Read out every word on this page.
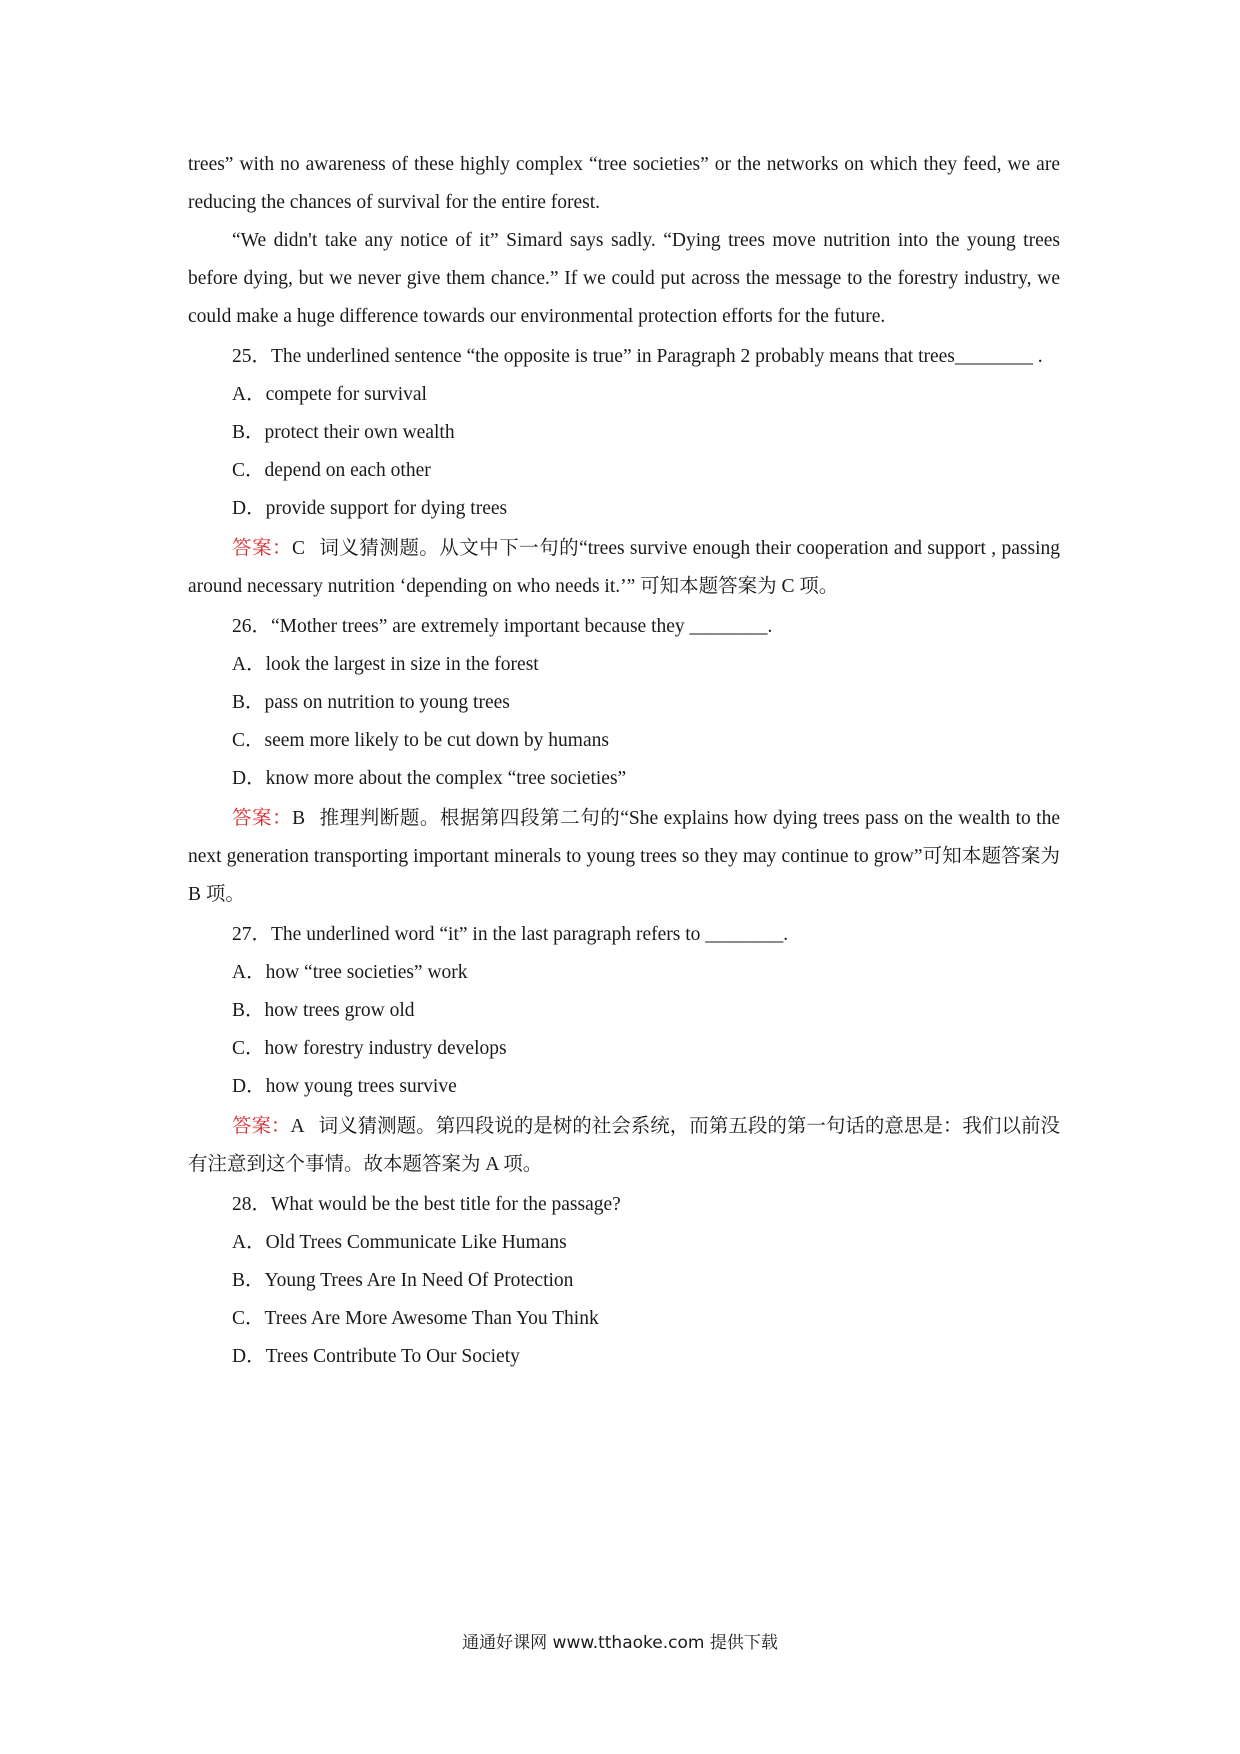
trees” with no awareness of these highly complex “tree societies” or the networks on which they feed, we are reducing the chances of survival for the entire forest.

“We didn't take any notice of it” Simard says sadly. “Dying trees move nutrition into the young trees before dying, but we never give them chance.” If we could put across the message to the forestry industry, we could make a huge difference towards our environmental protection efforts for the future.

25．The underlined sentence “the opposite is true” in Paragraph 2 probably means that trees________ .

A．compete for survival

B．protect their own wealth

C．depend on each other

D．provide support for dying trees

答案：C 词义猜测题。从文中下一句的“trees survive enough their cooperation and support , passing around necessary nutrition ‘depending on who needs it.’” 可知本题答案为 C 项。

26．“Mother trees” are extremely important because they ________.

A．look the largest in size in the forest

B．pass on nutrition to young trees

C．seem more likely to be cut down by humans

D．know more about the complex “tree societies”

答案：B 推理判断题。根据第四段第二句的“She explains how dying trees pass on the wealth to the next generation transporting important minerals to young trees so they may continue to grow”可知本题答案为 B 项。

27．The underlined word “it” in the last paragraph refers to ________.

A．how “tree societies” work

B．how trees grow old

C．how forestry industry develops

D．how young trees survive

答案：A 词义猜测题。第四段说的是树的社会系统，而第五段的第一句话的意思是：我们以前没有注意到这个事情。故本题答案为 A 项。

28．What would be the best title for the passage?

A．Old Trees Communicate Like Humans

B．Young Trees Are In Need Of Protection

C．Trees Are More Awesome Than You Think

D．Trees Contribute To Our Society

通通好课网 www.tthaoke.com 提供下载
